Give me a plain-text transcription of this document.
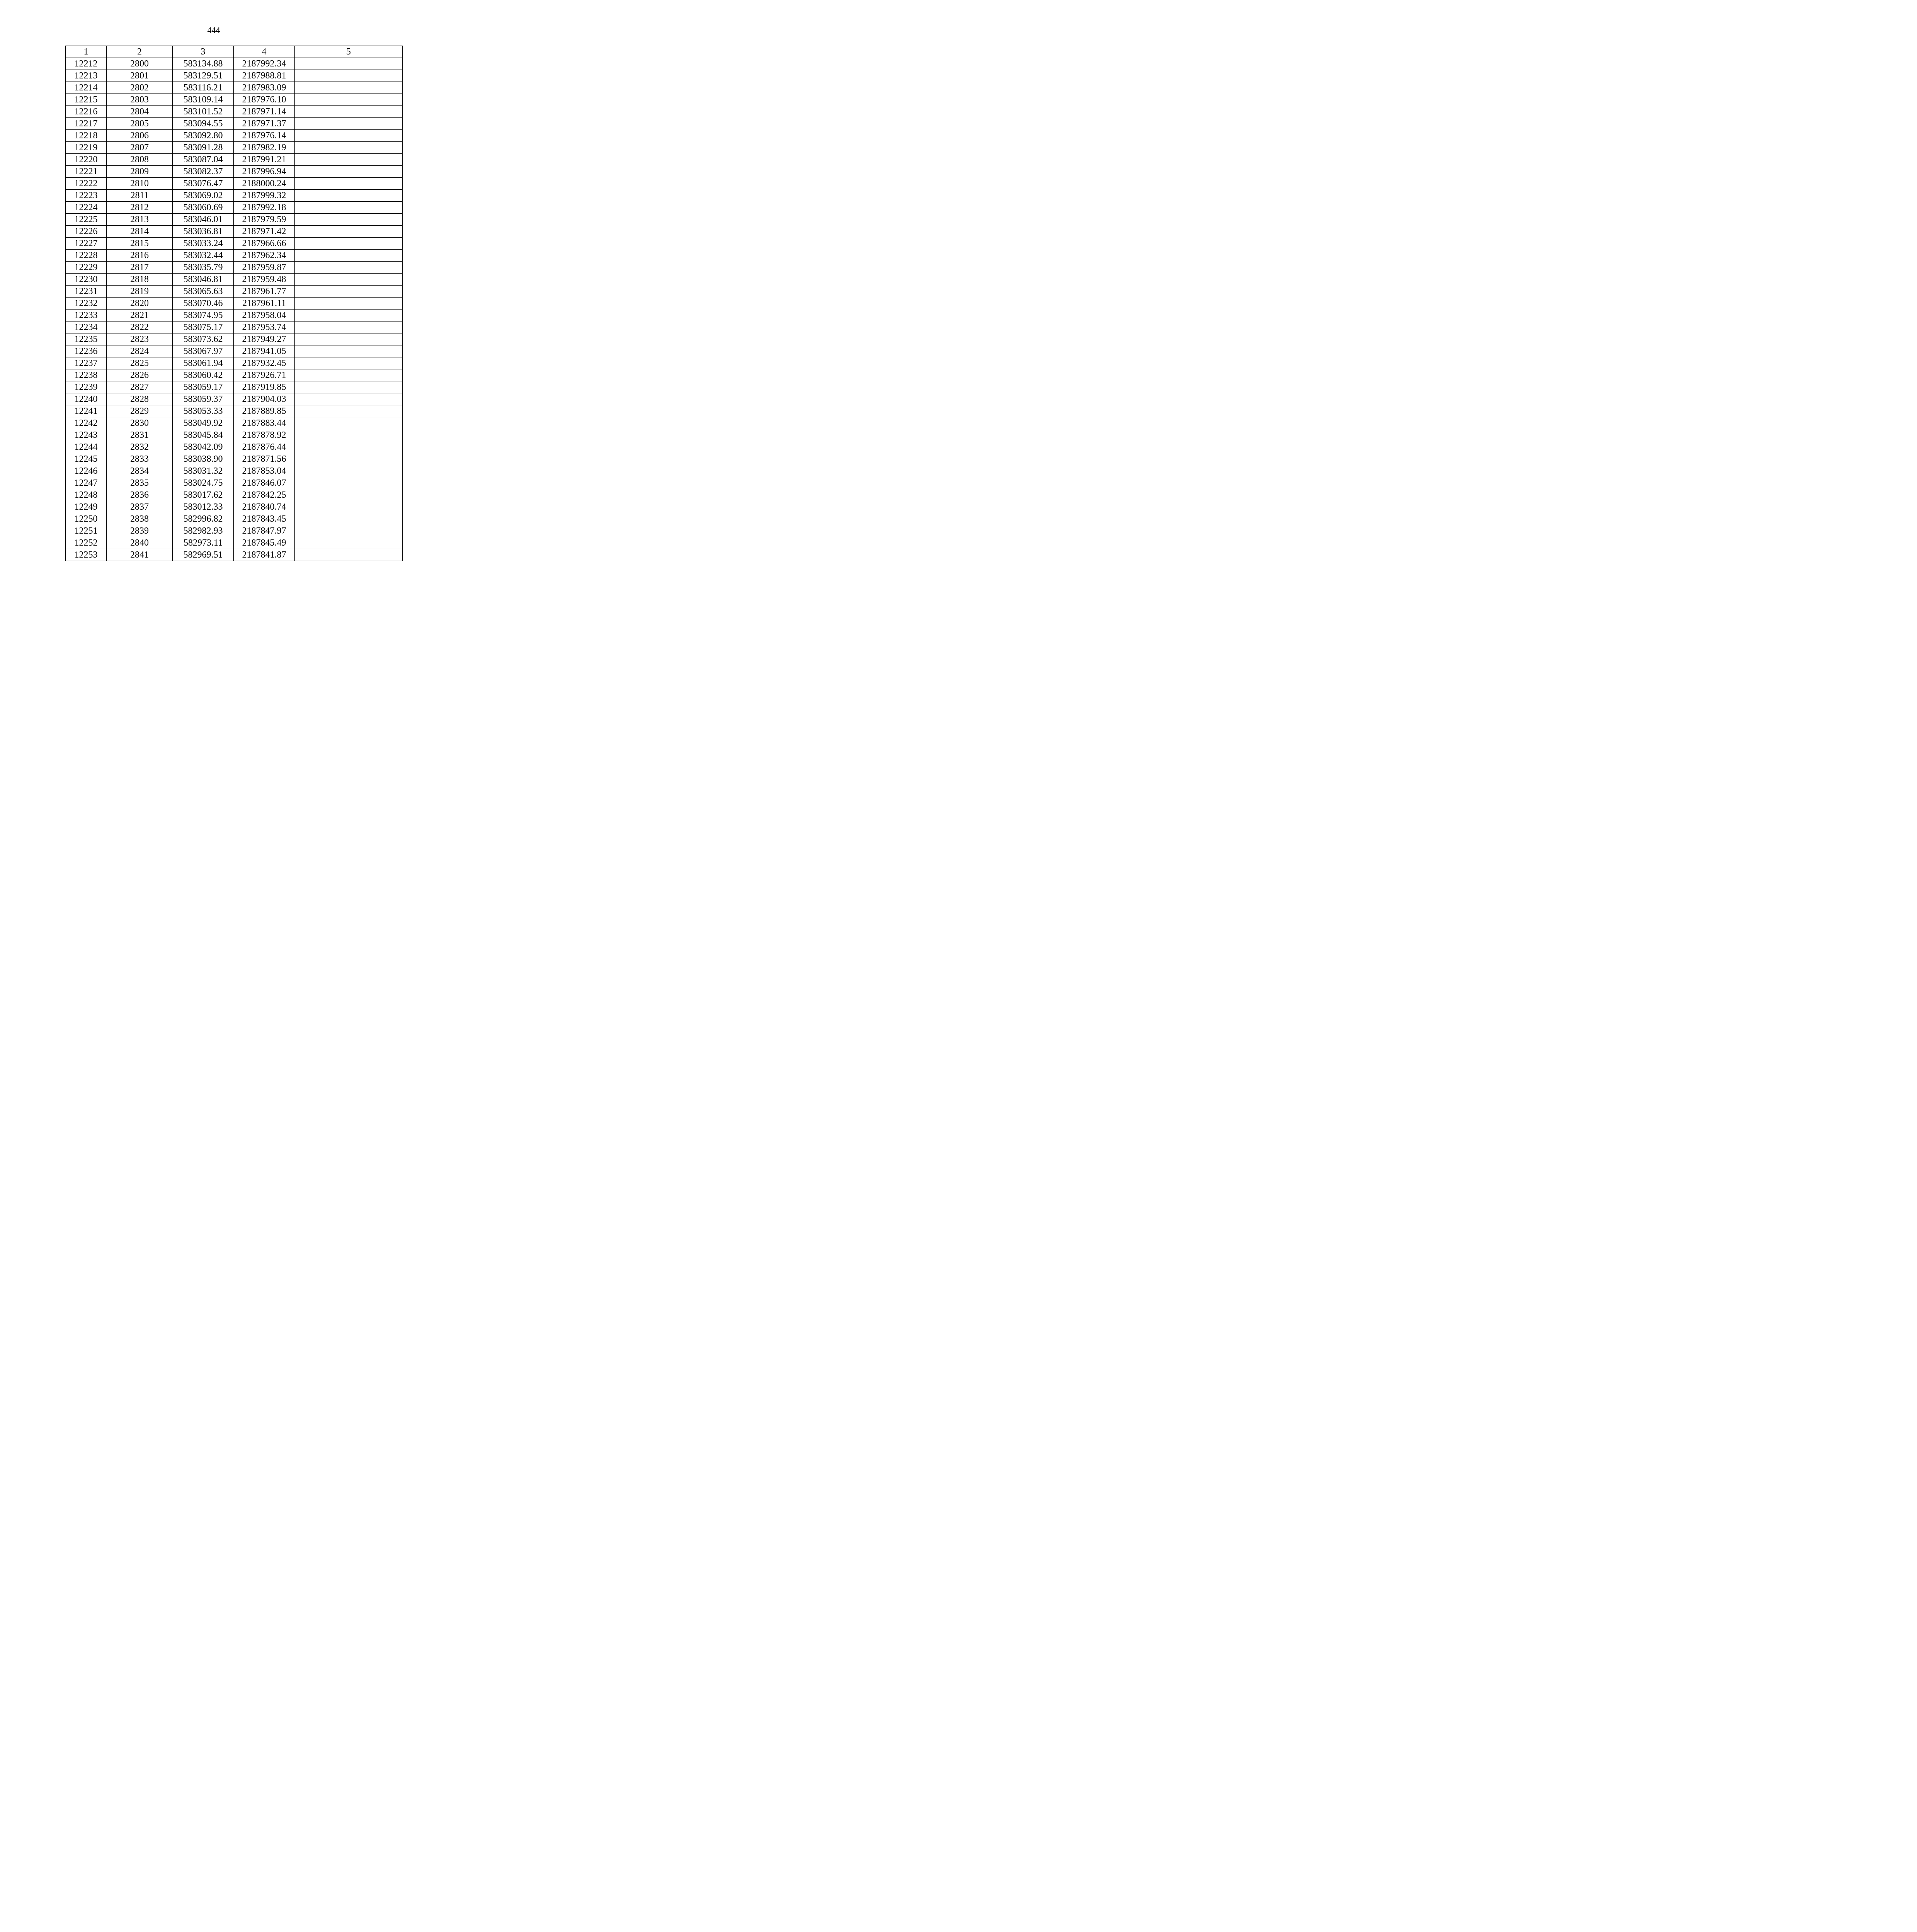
444
1	2	3	4	5
12212	2800	583134.88	2187992.34	
12213	2801	583129.51	2187988.81	
12214	2802	583116.21	2187983.09	
12215	2803	583109.14	2187976.10	
12216	2804	583101.52	2187971.14	
12217	2805	583094.55	2187971.37	
12218	2806	583092.80	2187976.14	
12219	2807	583091.28	2187982.19	
12220	2808	583087.04	2187991.21	
12221	2809	583082.37	2187996.94	
12222	2810	583076.47	2188000.24	
12223	2811	583069.02	2187999.32	
12224	2812	583060.69	2187992.18	
12225	2813	583046.01	2187979.59	
12226	2814	583036.81	2187971.42	
12227	2815	583033.24	2187966.66	
12228	2816	583032.44	2187962.34	
12229	2817	583035.79	2187959.87	
12230	2818	583046.81	2187959.48	
12231	2819	583065.63	2187961.77	
12232	2820	583070.46	2187961.11	
12233	2821	583074.95	2187958.04	
12234	2822	583075.17	2187953.74	
12235	2823	583073.62	2187949.27	
12236	2824	583067.97	2187941.05	
12237	2825	583061.94	2187932.45	
12238	2826	583060.42	2187926.71	
12239	2827	583059.17	2187919.85	
12240	2828	583059.37	2187904.03	
12241	2829	583053.33	2187889.85	
12242	2830	583049.92	2187883.44	
12243	2831	583045.84	2187878.92	
12244	2832	583042.09	2187876.44	
12245	2833	583038.90	2187871.56	
12246	2834	583031.32	2187853.04	
12247	2835	583024.75	2187846.07	
12248	2836	583017.62	2187842.25	
12249	2837	583012.33	2187840.74	
12250	2838	582996.82	2187843.45	
12251	2839	582982.93	2187847.97	
12252	2840	582973.11	2187845.49	
12253	2841	582969.51	2187841.87	
